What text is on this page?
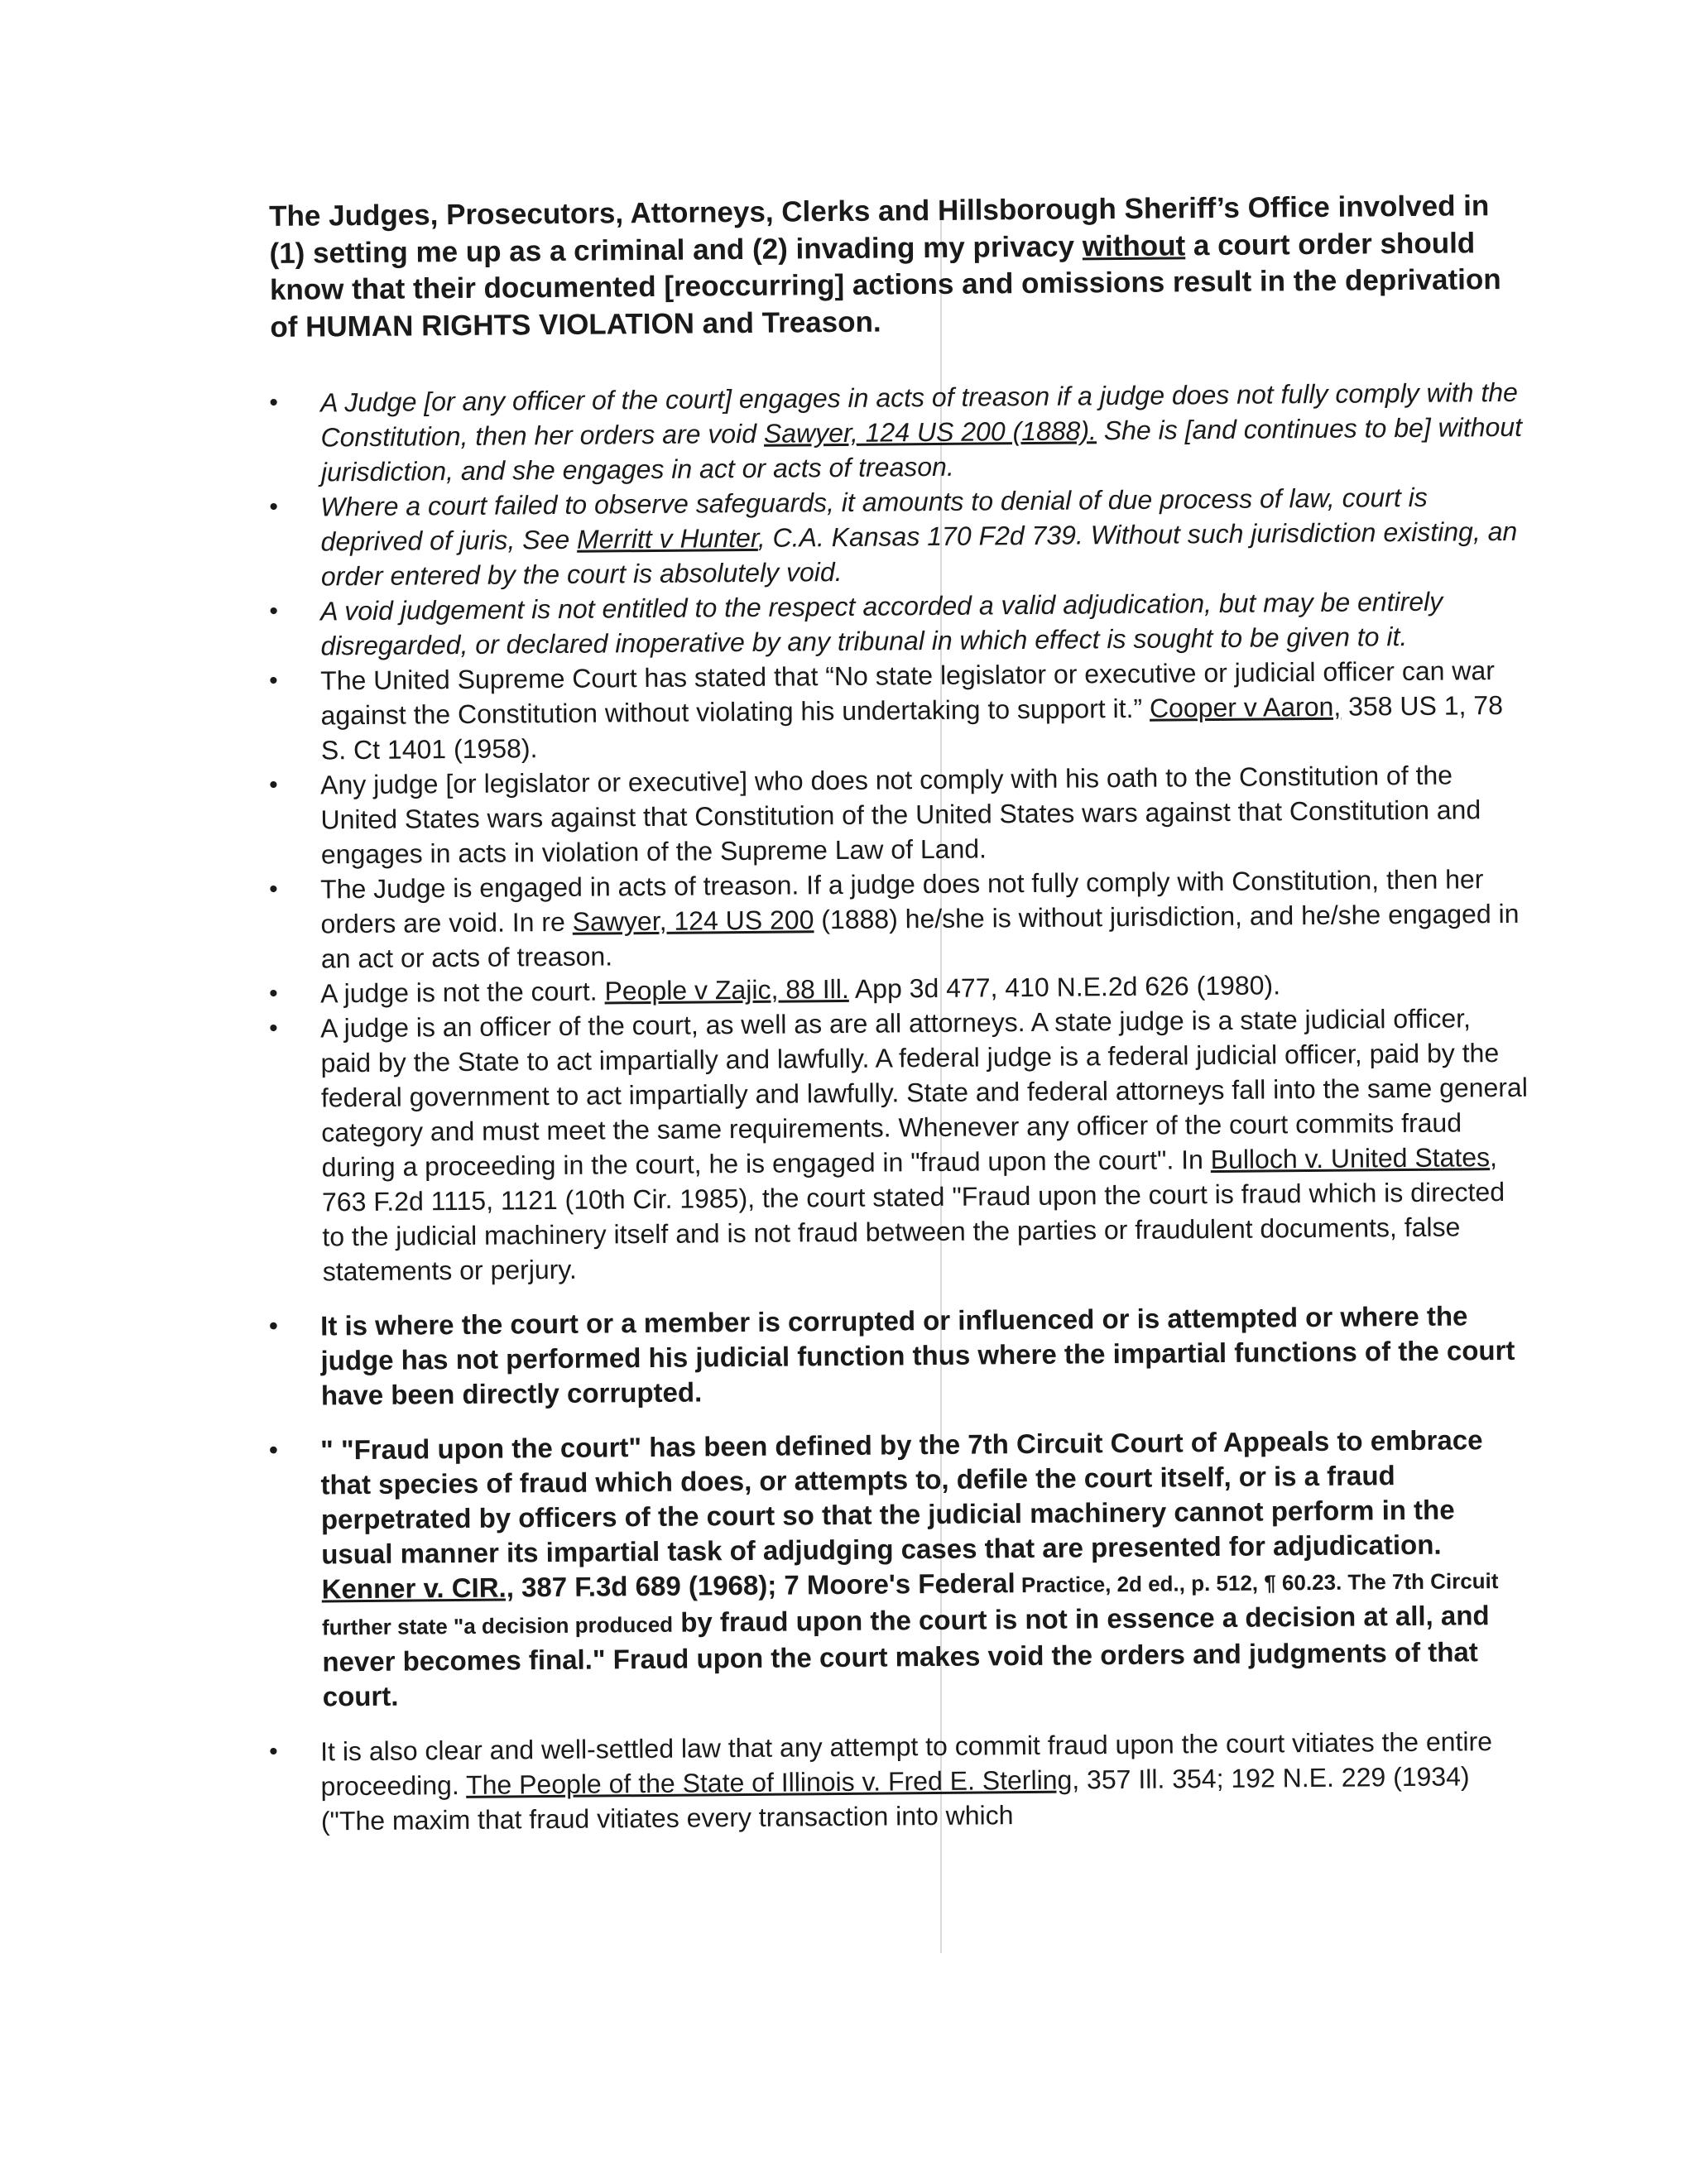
The Judges, Prosecutors, Attorneys, Clerks and Hillsborough Sheriff’s Office involved in (1) setting me up as a criminal and (2) invading my privacy without a court order should know that their documented [reoccurring] actions and omissions result in the deprivation of HUMAN RIGHTS VIOLATION and Treason.

• A Judge [or any officer of the court] engages in acts of treason if a judge does not fully comply with the Constitution, then her orders are void Sawyer, 124 US 200 (1888). She is [and continues to be] without jurisdiction, and she engages in act or acts of treason.
• Where a court failed to observe safeguards, it amounts to denial of due process of law, court is deprived of juris, See Merritt v Hunter, C.A. Kansas 170 F2d 739. Without such jurisdiction existing, an order entered by the court is absolutely void.
• A void judgement is not entitled to the respect accorded a valid adjudication, but may be entirely disregarded, or declared inoperative by any tribunal in which effect is sought to be given to it.
• The United Supreme Court has stated that “No state legislator or executive or judicial officer can war against the Constitution without violating his undertaking to support it.” Cooper v Aaron, 358 US 1, 78 S. Ct 1401 (1958).
• Any judge [or legislator or executive] who does not comply with his oath to the Constitution of the United States wars against that Constitution of the United States wars against that Constitution and engages in acts in violation of the Supreme Law of Land.
• The Judge is engaged in acts of treason. If a judge does not fully comply with Constitution, then her orders are void. In re Sawyer, 124 US 200 (1888) he/she is without jurisdiction, and he/she engaged in an act or acts of treason.
• A judge is not the court. People v Zajic, 88 Ill. App 3d 477, 410 N.E.2d 626 (1980).
• A judge is an officer of the court, as well as are all attorneys. A state judge is a state judicial officer, paid by the State to act impartially and lawfully. A federal judge is a federal judicial officer, paid by the federal government to act impartially and lawfully. State and federal attorneys fall into the same general category and must meet the same requirements. Whenever any officer of the court commits fraud during a proceeding in the court, he is engaged in "fraud upon the court". In Bulloch v. United States, 763 F.2d 1115, 1121 (10th Cir. 1985), the court stated "Fraud upon the court is fraud which is directed to the judicial machinery itself and is not fraud between the parties or fraudulent documents, false statements or perjury.
• It is where the court or a member is corrupted or influenced or is attempted or where the judge has not performed his judicial function thus where the impartial functions of the court have been directly corrupted.
• " "Fraud upon the court" has been defined by the 7th Circuit Court of Appeals to embrace that species of fraud which does, or attempts to, defile the court itself, or is a fraud perpetrated by officers of the court so that the judicial machinery cannot perform in the usual manner its impartial task of adjudging cases that are presented for adjudication. Kenner v. CIR., 387 F.3d 689 (1968); 7 Moore's Federal Practice, 2d ed., p. 512, ¶ 60.23. The 7th Circuit further state "a decision produced by fraud upon the court is not in essence a decision at all, and never becomes final." Fraud upon the court makes void the orders and judgments of that court.
• It is also clear and well-settled law that any attempt to commit fraud upon the court vitiates the entire proceeding. The People of the State of Illinois v. Fred E. Sterling, 357 Ill. 354; 192 N.E. 229 (1934) ("The maxim that fraud vitiates every transaction into which
